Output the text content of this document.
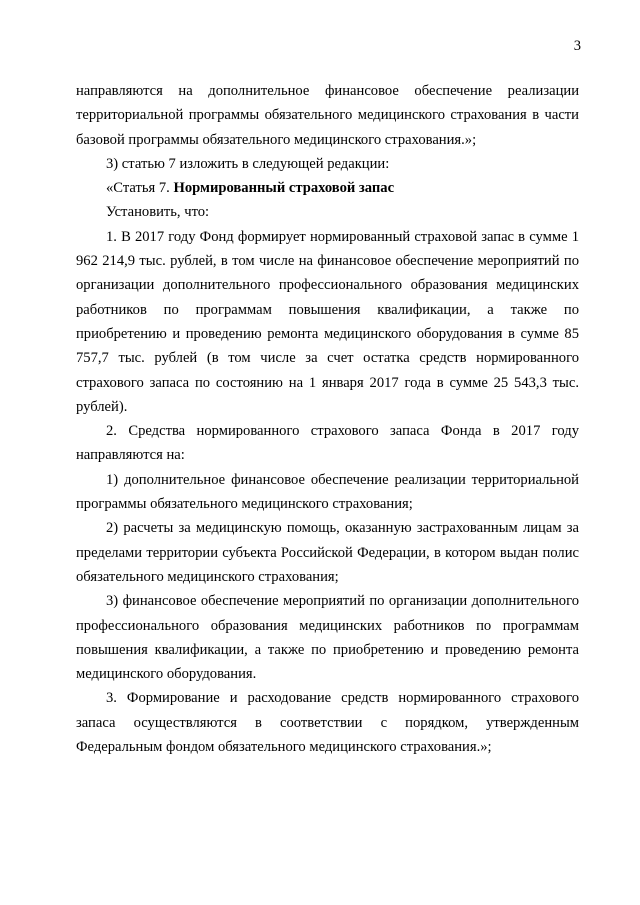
3

направляются на дополнительное финансовое обеспечение реализации территориальной программы обязательного медицинского страхования в части базовой программы обязательного медицинского страхования.»;

3) статью 7 изложить в следующей редакции:

«Статья 7. Нормированный страховой запас

Установить, что:

1. В 2017 году Фонд формирует нормированный страховой запас в сумме 1 962 214,9 тыс. рублей, в том числе на финансовое обеспечение мероприятий по организации дополнительного профессионального образования медицинских работников по программам повышения квалификации, а также по приобретению и проведению ремонта медицинского оборудования в сумме 85 757,7 тыс. рублей (в том числе за счет остатка средств нормированного страхового запаса по состоянию на 1 января 2017 года в сумме 25 543,3 тыс. рублей).

2. Средства нормированного страхового запаса Фонда в 2017 году направляются на:

1) дополнительное финансовое обеспечение реализации территориальной программы обязательного медицинского страхования;

2) расчеты за медицинскую помощь, оказанную застрахованным лицам за пределами территории субъекта Российской Федерации, в котором выдан полис обязательного медицинского страхования;

3) финансовое обеспечение мероприятий по организации дополнительного профессионального образования медицинских работников по программам повышения квалификации, а также по приобретению и проведению ремонта медицинского оборудования.

3. Формирование и расходование средств нормированного страхового запаса осуществляются в соответствии с порядком, утвержденным Федеральным фондом обязательного медицинского страхования.»;
